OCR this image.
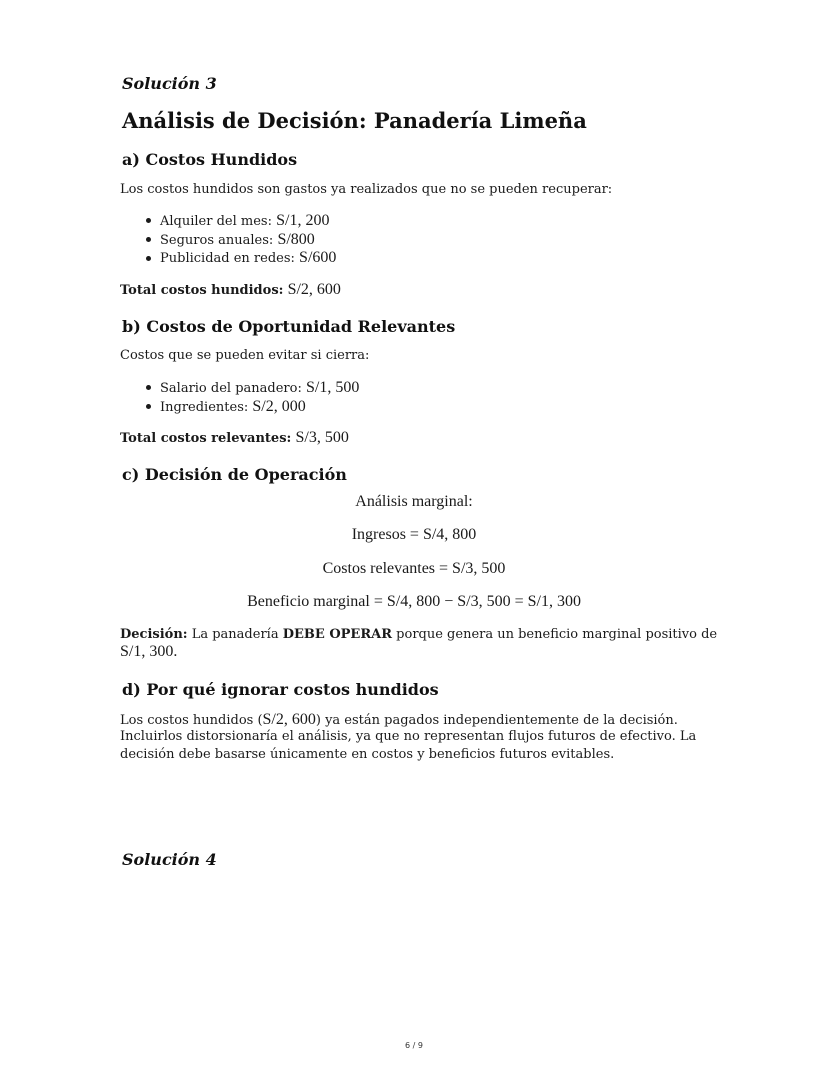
Solución 3
Análisis de Decisión: Panadería Limeña
a) Costos Hundidos
Los costos hundidos son gastos ya realizados que no se pueden recuperar:
Alquiler del mes: S/1, 200
Seguros anuales: S/800
Publicidad en redes: S/600
Total costos hundidos: S/2, 600
b) Costos de Oportunidad Relevantes
Costos que se pueden evitar si cierra:
Salario del panadero: S/1, 500
Ingredientes: S/2, 000
Total costos relevantes: S/3, 500
c) Decisión de Operación
Análisis marginal:
Ingresos = S/4, 800
Costos relevantes = S/3, 500
Beneficio marginal = S/4, 800 − S/3, 500 = S/1, 300
Decisión: La panadería DEBE OPERAR porque genera un beneficio marginal positivo de
S/1, 300.
d) Por qué ignorar costos hundidos
Los costos hundidos (S/2, 600) ya están pagados independientemente de la decisión.
Incluirlos distorsionaría el análisis, ya que no representan flujos futuros de efectivo. La
decisión debe basarse únicamente en costos y beneficios futuros evitables.
Solución 4
6 / 9
